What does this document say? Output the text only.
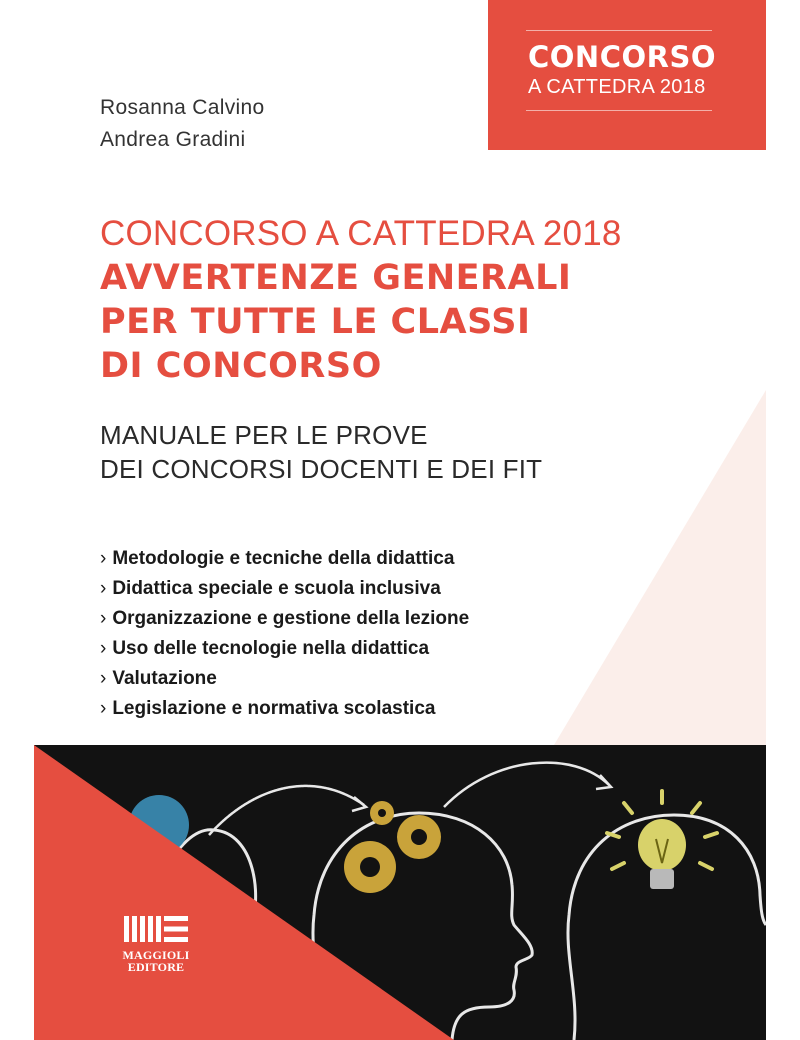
CONCORSO
A CATTEDRA 2018
Rosanna Calvino
Andrea Gradini
CONCORSO A CATTEDRA 2018
AVVERTENZE GENERALI
PER TUTTE LE CLASSI
DI CONCORSO
MANUALE PER LE PROVE
DEI CONCORSI DOCENTI E DEI FIT
› Metodologie e tecniche della didattica
› Didattica speciale e scuola inclusiva
› Organizzazione e gestione della lezione
› Uso delle tecnologie nella didattica
› Valutazione
› Legislazione e normativa scolastica
MAGGIOLI
EDITORE
